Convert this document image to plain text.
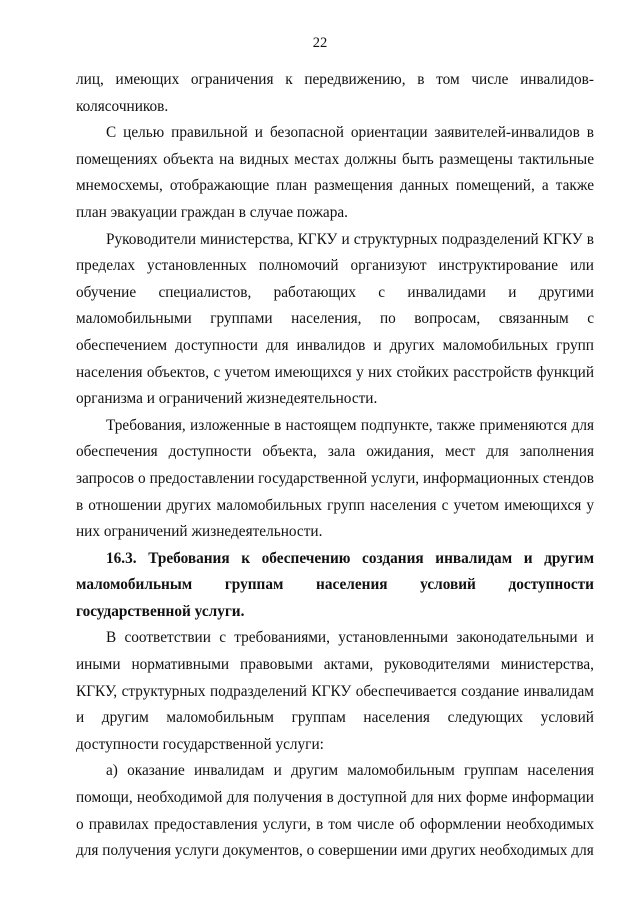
22

лиц, имеющих ограничения к передвижению, в том числе инвалидов-колясочников.

С целью правильной и безопасной ориентации заявителей-инвалидов в помещениях объекта на видных местах должны быть размещены тактильные мнемосхемы, отображающие план размещения данных помещений, а также план эвакуации граждан в случае пожара.

Руководители министерства, КГКУ и структурных подразделений КГКУ в пределах установленных полномочий организуют инструктирование или обучение специалистов, работающих с инвалидами и другими маломобильными группами населения, по вопросам, связанным с обеспечением доступности для инвалидов и других маломобильных групп населения объектов, с учетом имеющихся у них стойких расстройств функций организма и ограничений жизнедеятельности.

Требования, изложенные в настоящем подпункте, также применяются для обеспечения доступности объекта, зала ожидания, мест для заполнения запросов о предоставлении государственной услуги, информационных стендов в отношении других маломобильных групп населения с учетом имеющихся у них ограничений жизнедеятельности.

16.3. Требования к обеспечению создания инвалидам и другим маломобильным группам населения условий доступности государственной услуги.

В соответствии с требованиями, установленными законодательными и иными нормативными правовыми актами, руководителями министерства, КГКУ, структурных подразделений КГКУ обеспечивается создание инвалидам и другим маломобильным группам населения следующих условий доступности государственной услуги:

а) оказание инвалидам и другим маломобильным группам населения помощи, необходимой для получения в доступной для них форме информации о правилах предоставления услуги, в том числе об оформлении необходимых для получения услуги документов, о совершении ими других необходимых для
